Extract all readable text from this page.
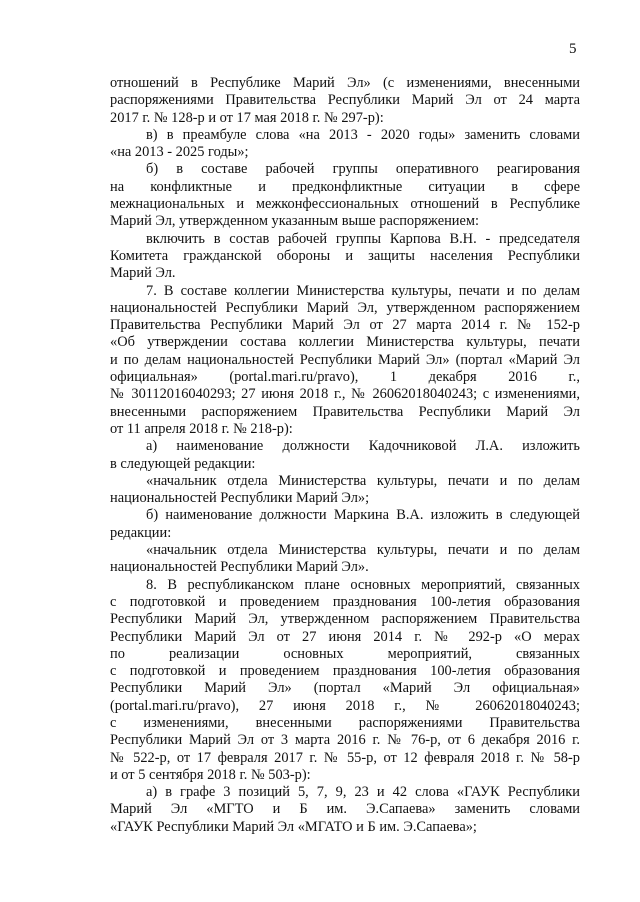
5
отношений в Республике Марий Эл» (с изменениями, внесенными
распоряжениями Правительства Республики Марий Эл от 24 марта
2017 г. № 128-р и от 17 мая 2018 г. № 297-р):
в) в преамбуле слова «на 2013 - 2020 годы» заменить словами
«на 2013 - 2025 годы»;
б) в составе рабочей группы оперативного реагирования
на конфликтные и предконфликтные ситуации в сфере
межнациональных и межконфессиональных отношений в Республике
Марий Эл, утвержденном указанным выше распоряжением:
включить в состав рабочей группы Карпова В.Н. - председателя
Комитета гражданской обороны и защиты населения Республики
Марий Эл.
7. В составе коллегии Министерства культуры, печати и по делам
национальностей Республики Марий Эл, утвержденном распоряжением
Правительства Республики Марий Эл от 27 марта 2014 г. № 152-р
«Об утверждении состава коллегии Министерства культуры, печати
и по делам национальностей Республики Марий Эл» (портал «Марий Эл
официальная» (portal.mari.ru/pravo), 1 декабря 2016 г.,
№ 30112016040293; 27 июня 2018 г., № 26062018040243; с изменениями,
внесенными распоряжением Правительства Республики Марий Эл
от 11 апреля 2018 г. № 218-р):
а) наименование должности Кадочниковой Л.А. изложить
в следующей редакции:
«начальник отдела Министерства культуры, печати и по делам
национальностей Республики Марий Эл»;
б) наименование должности Маркина В.А. изложить в следующей
редакции:
«начальник отдела Министерства культуры, печати и по делам
национальностей Республики Марий Эл».
8. В республиканском плане основных мероприятий, связанных
с подготовкой и проведением празднования 100-летия образования
Республики Марий Эл, утвержденном распоряжением Правительства
Республики Марий Эл от 27 июня 2014 г. № 292-р «О мерах
по реализации основных мероприятий, связанных
с подготовкой и проведением празднования 100-летия образования
Республики Марий Эл» (портал «Марий Эл официальная»
(portal.mari.ru/pravo), 27 июня 2018 г., № 26062018040243;
с изменениями, внесенными распоряжениями Правительства
Республики Марий Эл от 3 марта 2016 г. № 76-р, от 6 декабря 2016 г.
№ 522-р, от 17 февраля 2017 г. № 55-р, от 12 февраля 2018 г. № 58-р
и от 5 сентября 2018 г. № 503-р):
а) в графе 3 позиций 5, 7, 9, 23 и 42 слова «ГАУК Республики
Марий Эл «МГТО и Б им. Э.Сапаева» заменить словами
«ГАУК Республики Марий Эл «МГАТО и Б им. Э.Сапаева»;
